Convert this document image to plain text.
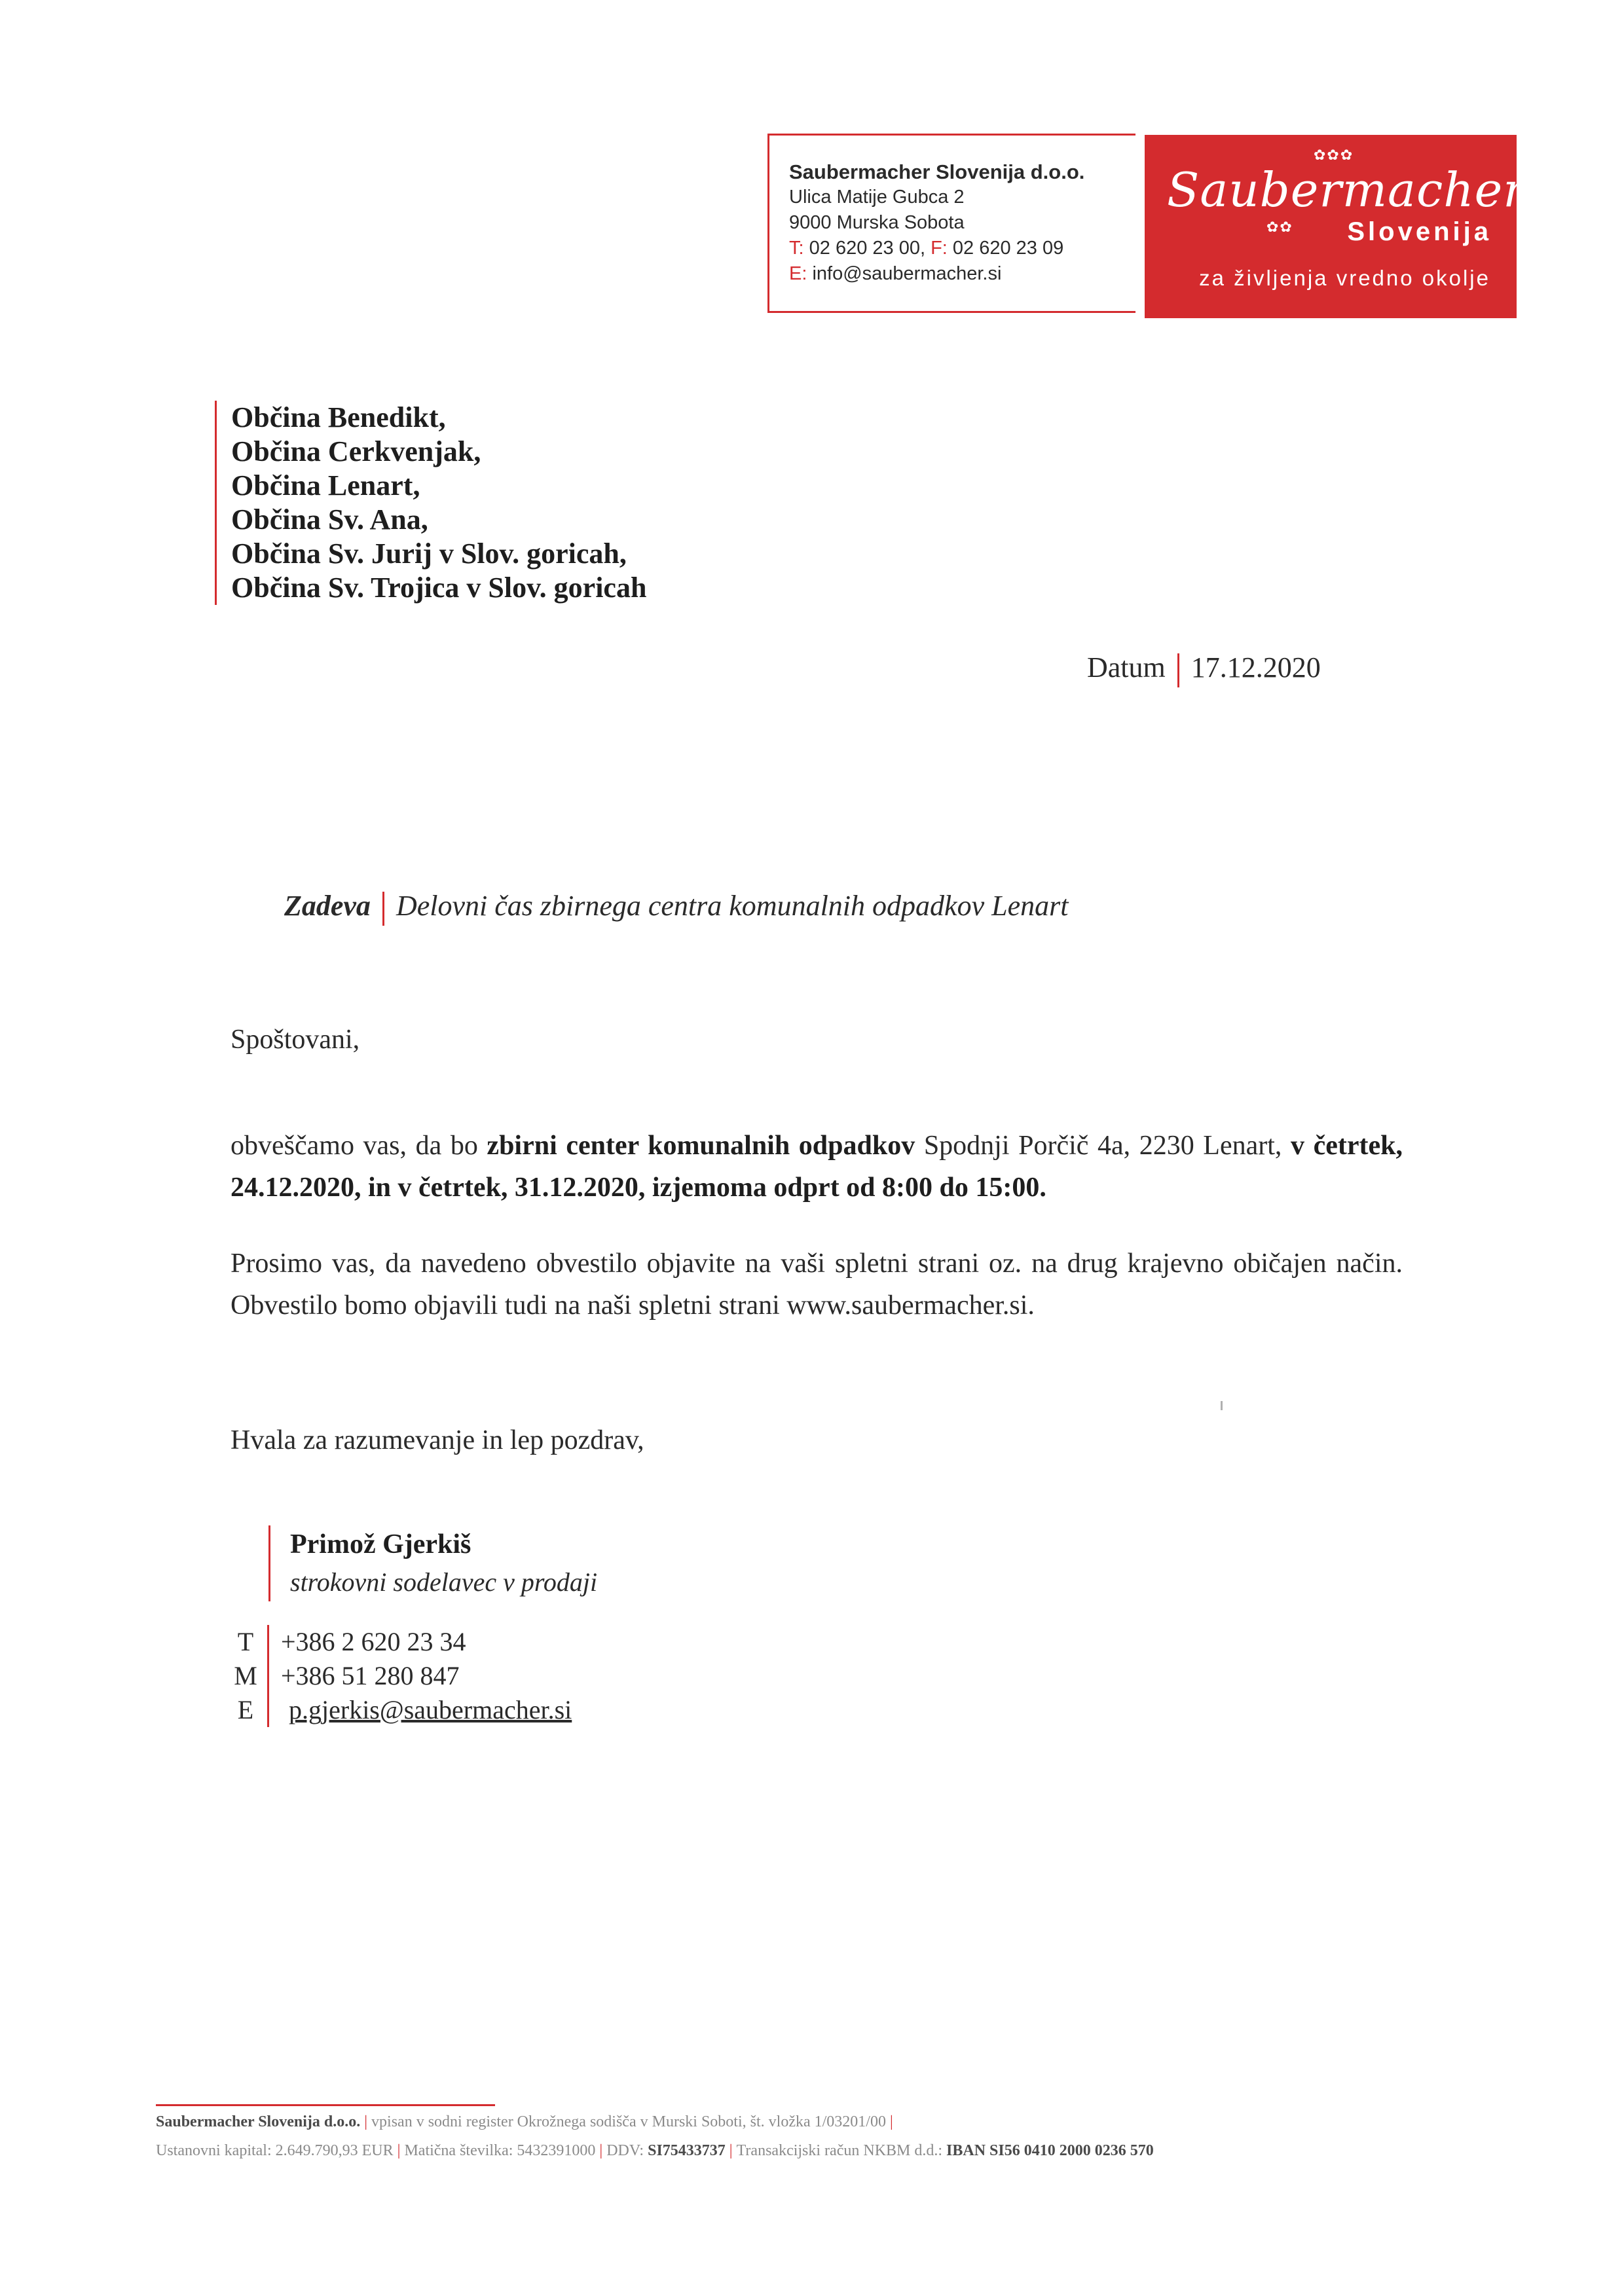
Saubermacher Slovenija d.o.o.
Ulica Matije Gubca 2
9000 Murska Sobota
T: 02 620 23 00, F: 02 620 23 09
E: info@saubermacher.si
✿✿✿
✿✿
Saubermacher
Slovenija
za življenja vredno okolje
Občina Benedikt,
Občina Cerkvenjak,
Občina Lenart,
Občina Sv. Ana,
Občina Sv. Jurij v Slov. goricah,
Občina Sv. Trojica v Slov. goricah
Datum 17.12.2020
Zadeva Delovni čas zbirnega centra komunalnih odpadkov Lenart
Spoštovani,
obveščamo vas, da bo zbirni center komunalnih odpadkov Spodnji Porčič 4a, 2230 Lenart, v četrtek, 24.12.2020, in v četrtek, 31.12.2020, izjemoma odprt od 8:00 do 15:00.
Prosimo vas, da navedeno obvestilo objavite na vaši spletni strani oz. na drug krajevno običajen način. Obvestilo bomo objavili tudi na naši spletni strani www.saubermacher.si.
Hvala za razumevanje in lep pozdrav,
Primož Gjerkiš
strokovni sodelavec v prodaji
T +386 2 620 23 34
M +386 51 280 847
E	p.gjerkis@saubermacher.si
Saubermacher Slovenija d.o.o. | vpisan v sodni register Okrožnega sodišča v Murski Soboti, št. vložka 1/03201/00 |
Ustanovni kapital: 2.649.790,93 EUR | Matična številka: 5432391000 | DDV: SI75433737 | Transakcijski račun NKBM d.d.: IBAN SI56 0410 2000 0236 570
